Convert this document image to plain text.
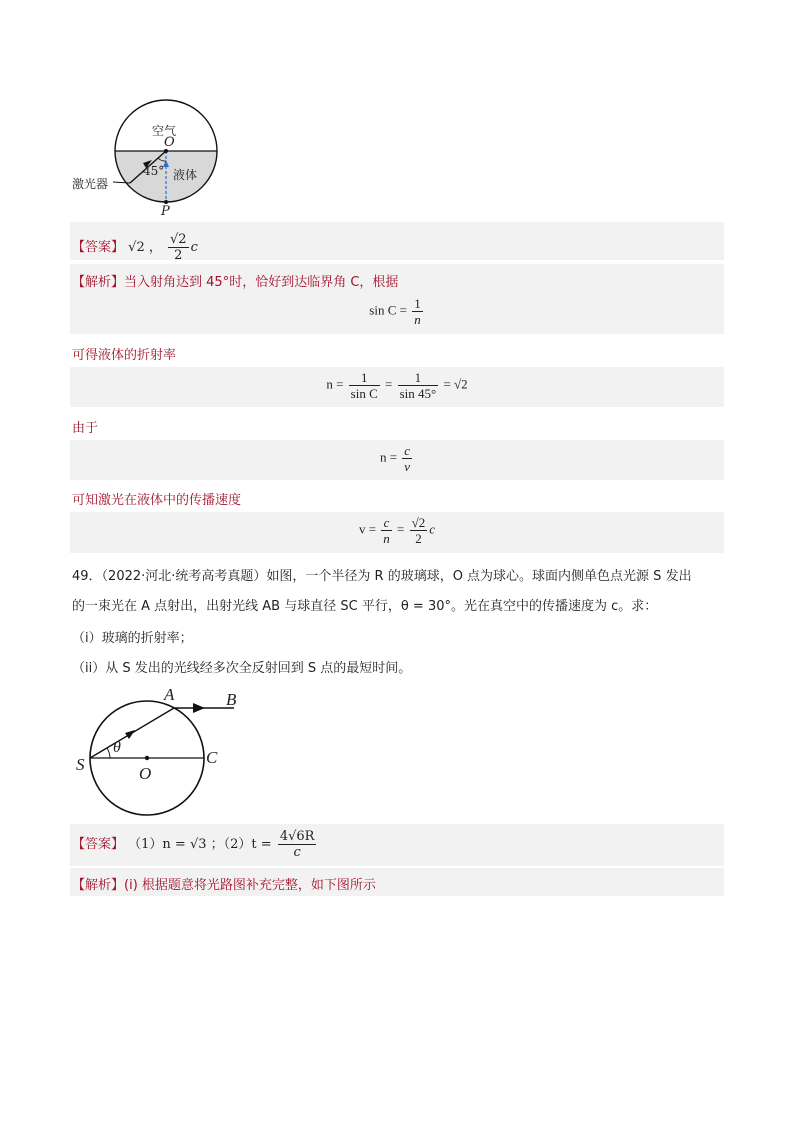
空气
O
液体
激光器
45°
P
【答案】 √2 ， $\frac{√2}{2}$ c
【解析】当入射角达到 45°时，恰好到达临界角 C，根据
$\sin C = \frac{1}{n}$
可得液体的折射率
$n = \frac{1}{\text{sin C}} = \frac{1}{\sin 45^\circ} = √2$
由于
$n = \frac{c}{v}$
可知激光在液体中的传播速度
$v = \frac{c}{n} = \frac{√2}{2}$ c
49．（2022·河北·统考高考真题）如图，一个半径为 R 的玻璃球，O 点为球心。球面内侧单色点光源 S 发出
的一束光在 A 点射出，出射光线 AB 与球直径 SC 平行，θ = 30°。光在真空中的传播速度为 c。求：
（i）玻璃的折射率；
（ii）从 S 发出的光线经多次全反射回到 S 点的最短时间。
A	B
S
θ
O
C
【答案】 （1）n = √3 ；$(2)t = \frac{4√6R}{c}$
【解析】(i) 根据题意将光路图补充完整，如下图所示
